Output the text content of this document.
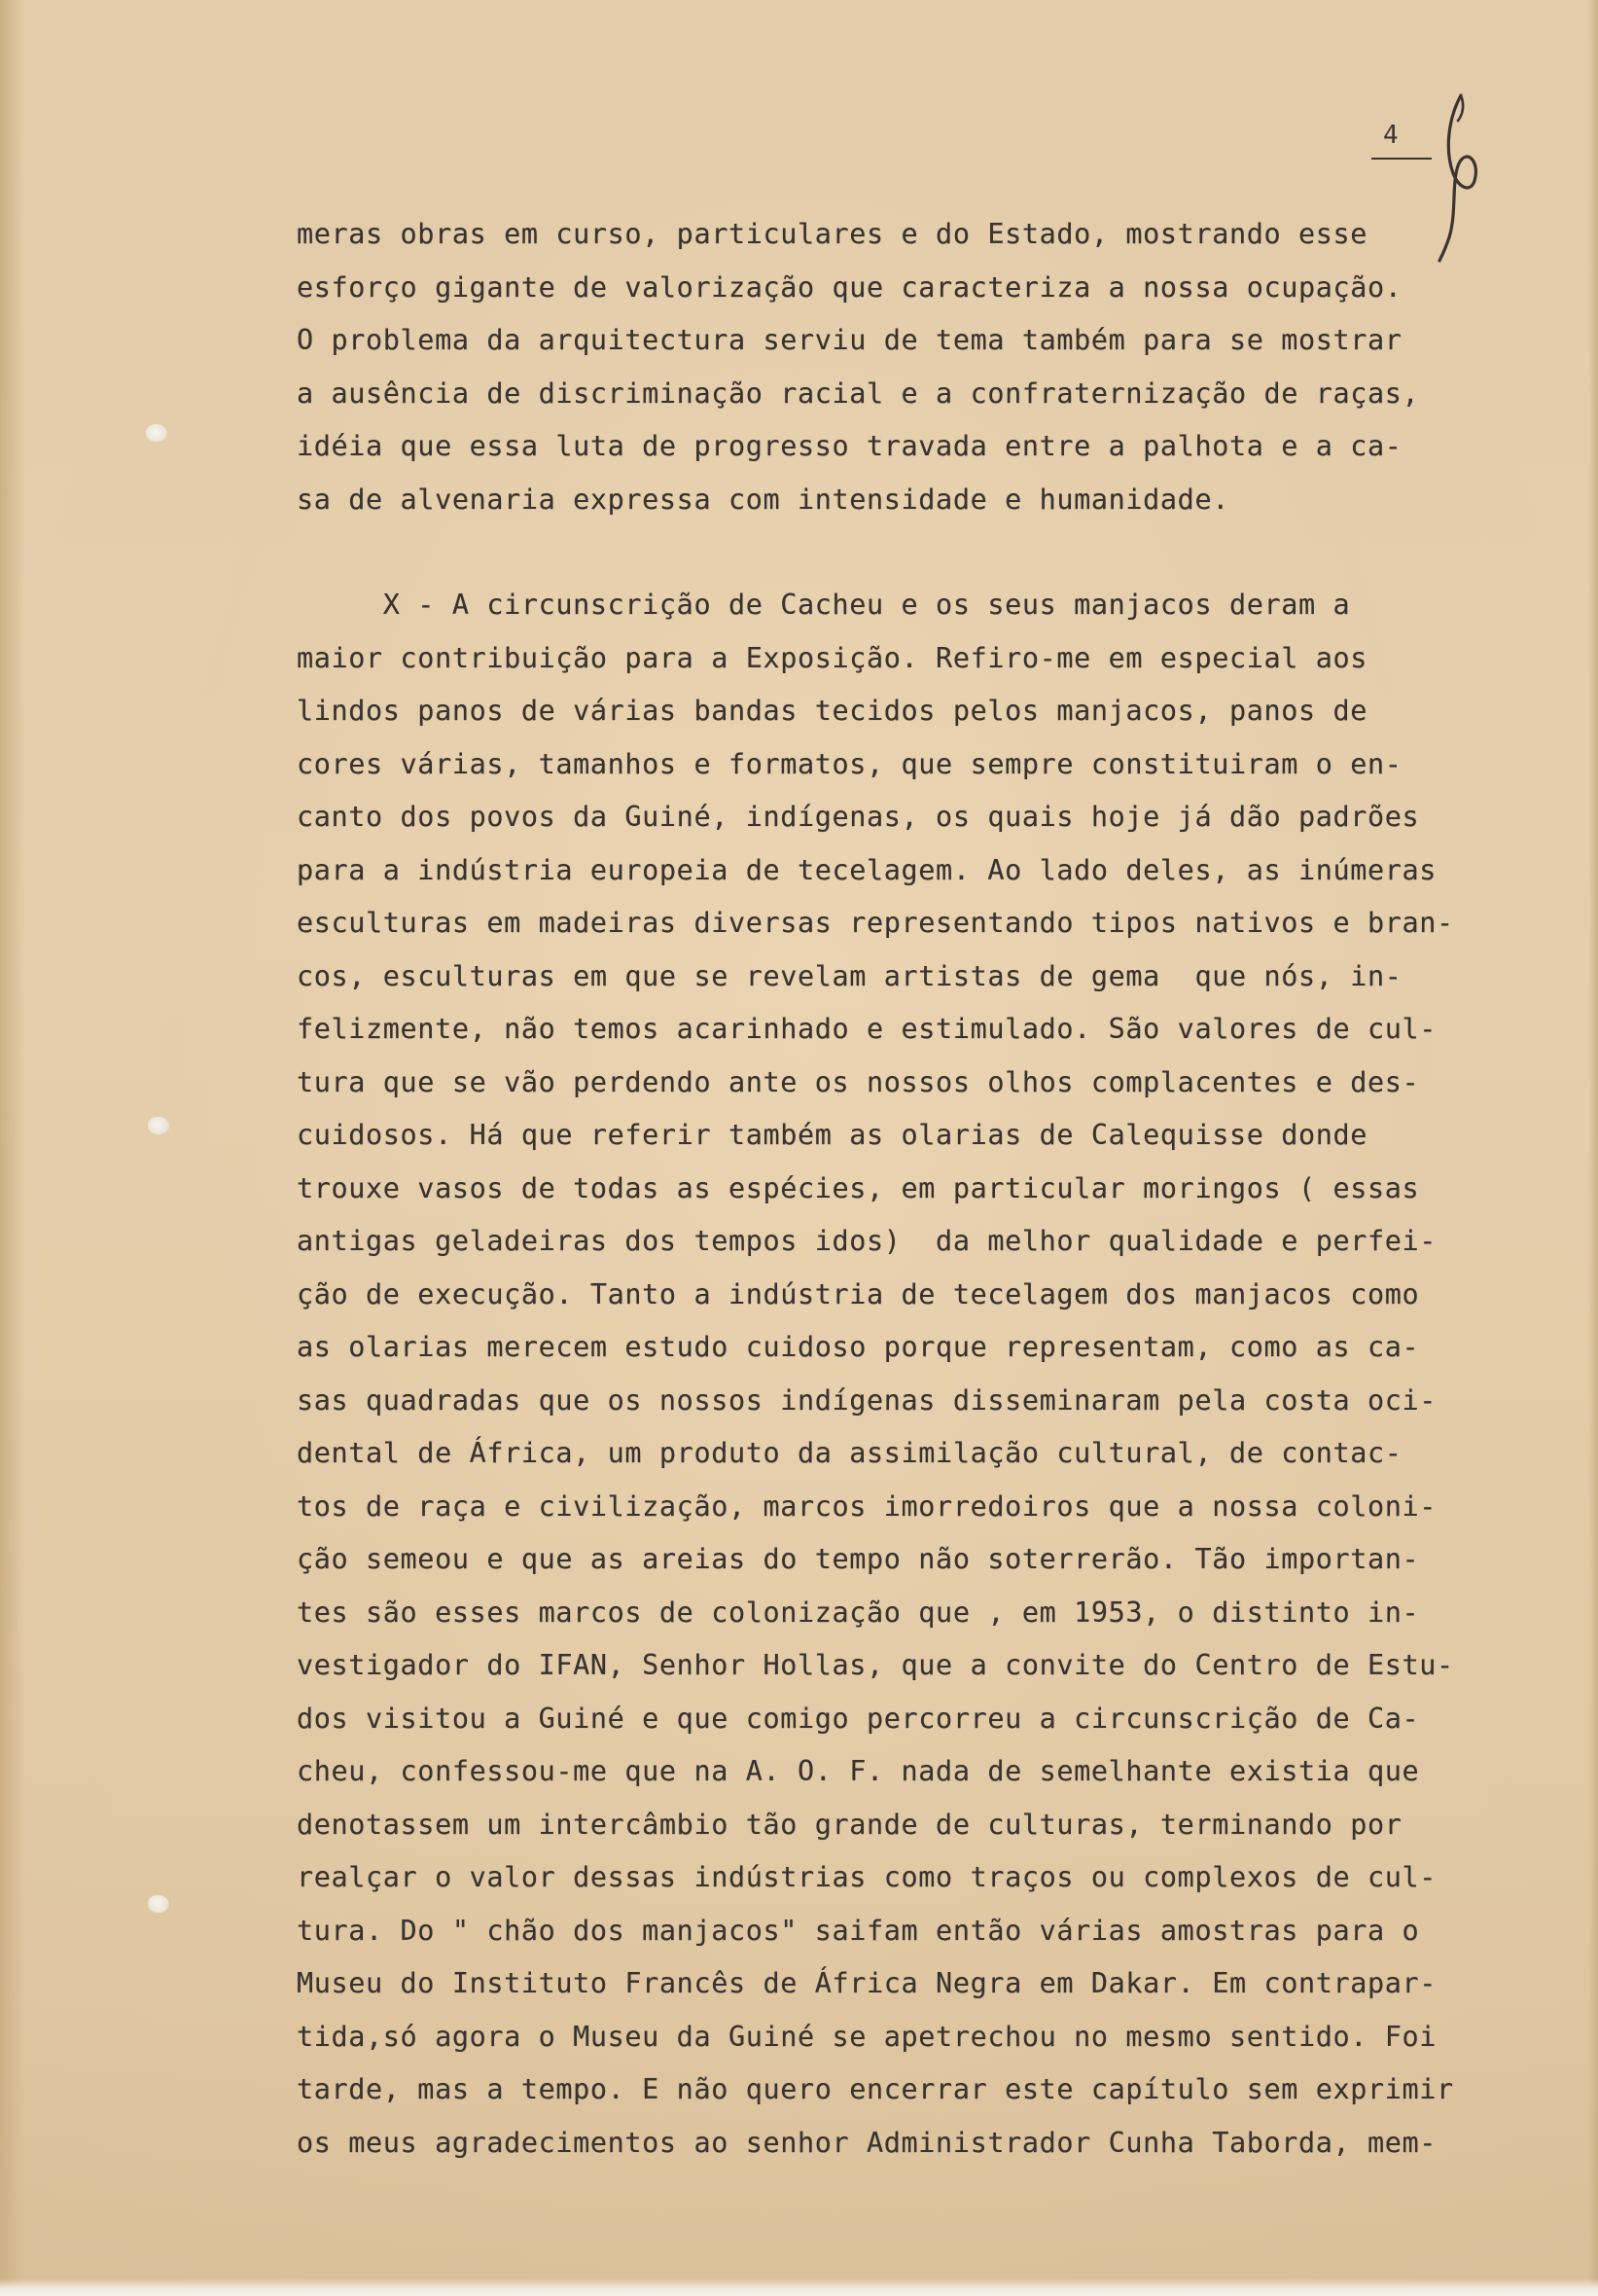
4

meras obras em curso, particulares e do Estado, mostrando esse
esforço gigante de valorização que caracteriza a nossa ocupação.
O problema da arquitectura serviu de tema também para se mostrar
a ausência de discriminação racial e a confraternização de raças,
idéia que essa luta de progresso travada entre a palhota e a ca-
sa de alvenaria expressa com intensidade e humanidade.
X - A circunscrição de Cacheu e os seus manjacos deram a
maior contribuição para a Exposição. Refiro-me em especial aos
lindos panos de várias bandas tecidos pelos manjacos, panos de
cores várias, tamanhos e formatos, que sempre constituiram o en-
canto dos povos da Guiné, indígenas, os quais hoje já dão padrões
para a indústria europeia de tecelagem. Ao lado deles, as inúmeras
esculturas em madeiras diversas representando tipos nativos e bran-
cos, esculturas em que se revelam artistas de gema  que nós, in-
felizmente, não temos acarinhado e estimulado. São valores de cul-
tura que se vão perdendo ante os nossos olhos complacentes e des-
cuidosos. Há que referir também as olarias de Calequisse donde
trouxe vasos de todas as espécies, em particular moringos ( essas
antigas geladeiras dos tempos idos)  da melhor qualidade e perfei-
ção de execução. Tanto a indústria de tecelagem dos manjacos como
as olarias merecem estudo cuidoso porque representam, como as ca-
sas quadradas que os nossos indígenas disseminaram pela costa oci-
dental de África, um produto da assimilação cultural, de contac-
tos de raça e civilização, marcos imorredoiros que a nossa coloni-
ção semeou e que as areias do tempo não soterrerão. Tão importan-
tes são esses marcos de colonização que , em 1953, o distinto in-
vestigador do IFAN, Senhor Hollas, que a convite do Centro de Estu-
dos visitou a Guiné e que comigo percorreu a circunscrição de Ca-
cheu, confessou-me que na A. O. F. nada de semelhante existia que
denotassem um intercâmbio tão grande de culturas, terminando por
realçar o valor dessas indústrias como traços ou complexos de cul-
tura. Do " chão dos manjacos" saifam então várias amostras para o
Museu do Instituto Francês de África Negra em Dakar. Em contrapar-
tida,só agora o Museu da Guiné se apetrechou no mesmo sentido. Foi
tarde, mas a tempo. E não quero encerrar este capítulo sem exprimir
os meus agradecimentos ao senhor Administrador Cunha Taborda, mem-
